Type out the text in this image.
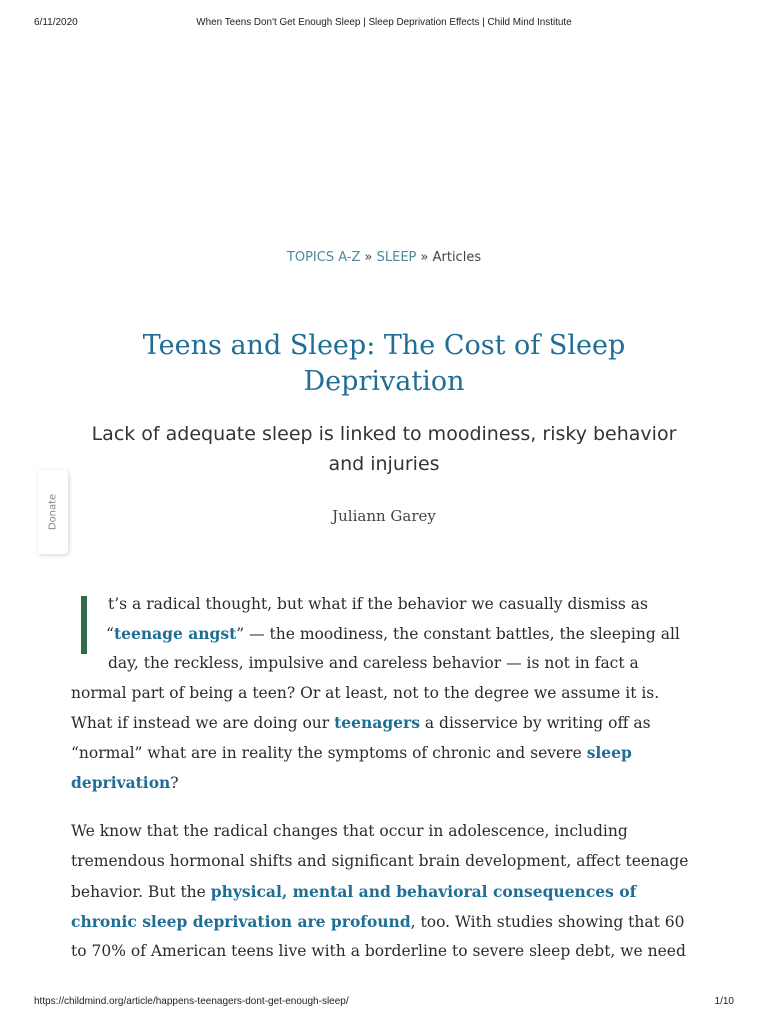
6/11/2020	When Teens Don't Get Enough Sleep | Sleep Deprivation Effects | Child Mind Institute
TOPICS A-Z » SLEEP » Articles
Teens and Sleep: The Cost of Sleep Deprivation

Lack of adequate sleep is linked to moodiness, risky behavior and injuries

Juliann Garey
Donate
t’s a radical thought, but what if the behavior we casually dismiss as
“teenage angst” — the moodiness, the constant battles, the sleeping all
day, the reckless, impulsive and careless behavior — is not in fact a
normal part of being a teen? Or at least, not to the degree we assume it is.
What if instead we are doing our teenagers a disservice by writing off as
“normal” what are in reality the symptoms of chronic and severe sleep
deprivation?
We know that the radical changes that occur in adolescence, including
tremendous hormonal shifts and significant brain development, affect teenage
behavior. But the physical, mental and behavioral consequences of
chronic sleep deprivation are profound, too. With studies showing that 60
to 70% of American teens live with a borderline to severe sleep debt, we need
https://childmind.org/article/happens-teenagers-dont-get-enough-sleep/	1/10
